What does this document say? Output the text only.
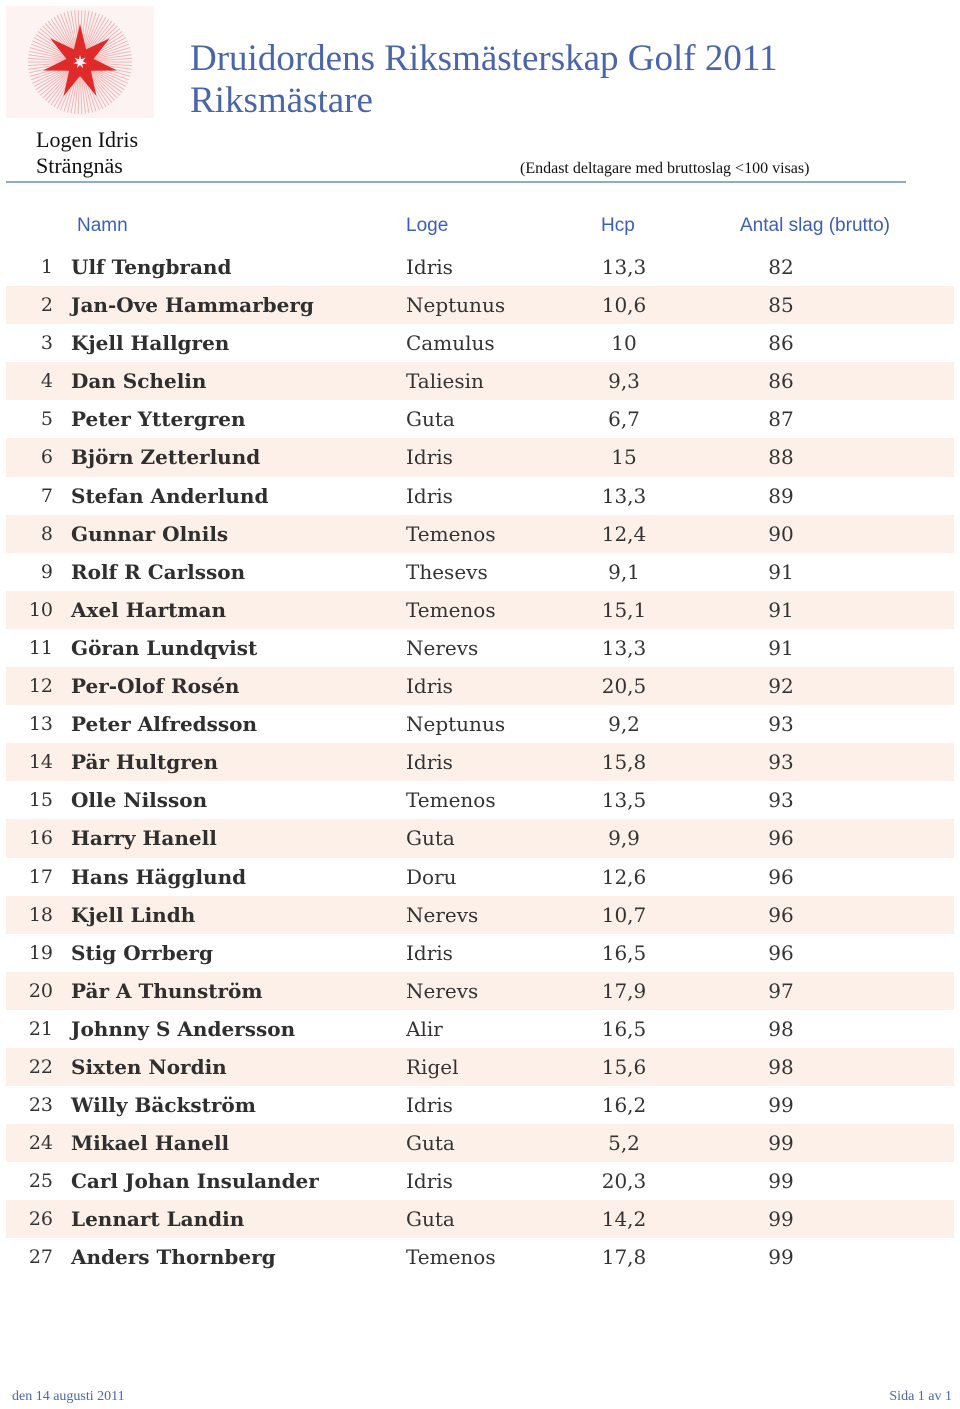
Logen Idris
Strängnäs
Druidordens Riksmästerskap Golf 2011
Riksmästare
(Endast deltagare med bruttoslag <100 visas)
Namn	Loge	Hcp	Antal slag (brutto)
1 Ulf Tengbrand	Idris	13,3	82
2 Jan-Ove Hammarberg	Neptunus	10,6	85
3 Kjell Hallgren	Camulus	10	86
4 Dan Schelin	Taliesin	9,3	86
5 Peter Yttergren	Guta	6,7	87
6 Björn Zetterlund	Idris	15	88
7 Stefan Anderlund	Idris	13,3	89
8 Gunnar Olnils	Temenos	12,4	90
9 Rolf R Carlsson	Thesevs	9,1	91
10 Axel Hartman	Temenos	15,1	91
11 Göran Lundqvist	Nerevs	13,3	91
12 Per-Olof Rosén	Idris	20,5	92
13 Peter Alfredsson	Neptunus	9,2	93
14 Pär Hultgren	Idris	15,8	93
15 Olle Nilsson	Temenos	13,5	93
16 Harry Hanell	Guta	9,9	96
17 Hans Hägglund	Doru	12,6	96
18 Kjell Lindh	Nerevs	10,7	96
19 Stig Orrberg	Idris	16,5	96
20 Pär A Thunström	Nerevs	17,9	97
21 Johnny S Andersson	Alir	16,5	98
22 Sixten Nordin	Rigel	15,6	98
23 Willy Bäckström	Idris	16,2	99
24 Mikael Hanell	Guta	5,2	99
25 Carl Johan Insulander	Idris	20,3	99
26 Lennart Landin	Guta	14,2	99
27 Anders Thornberg	Temenos	17,8	99
den 14 augusti 2011	Sida 1 av 1
